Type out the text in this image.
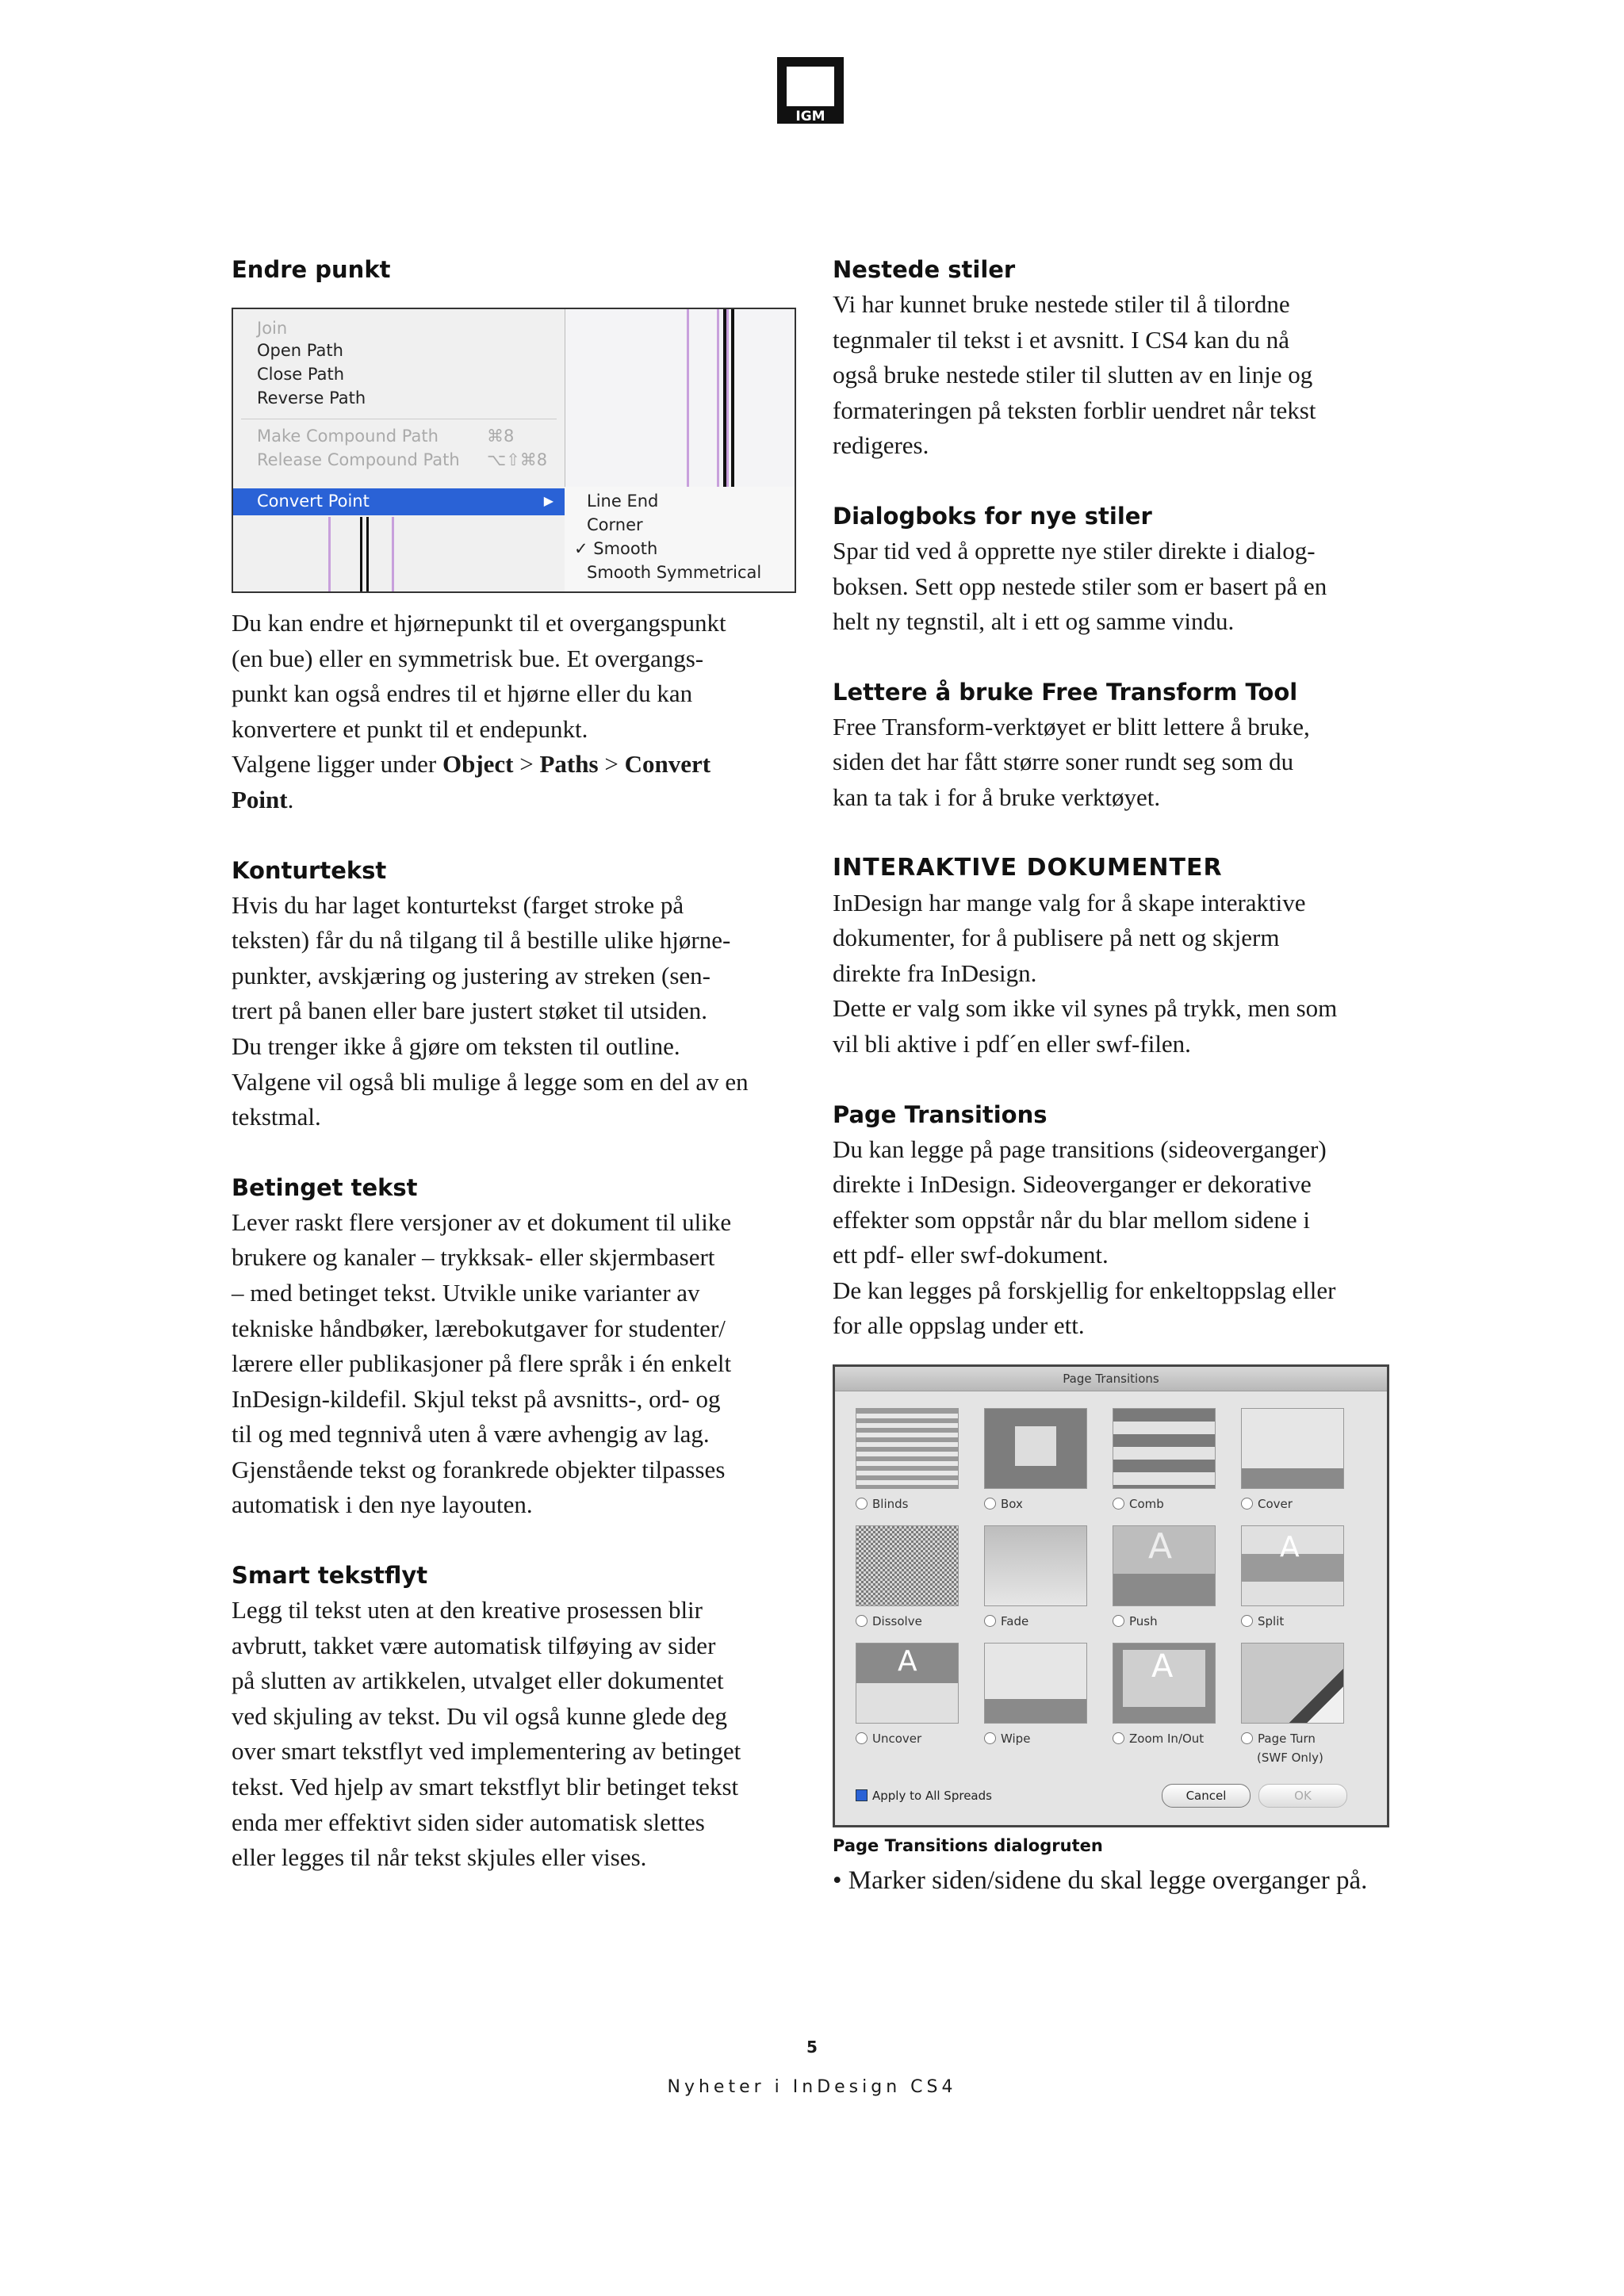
IGM

Endre punkt

Join
Open Path
Close Path
Reverse Path
Make Compound Path	⌘8
Release Compound Path ⌥⇧⌘8
Convert Point	▶ Line End
Corner
✓ Smooth
Smooth Symmetrical

Du kan endre et hjørnepunkt til et overgangspunkt

(en bue) eller en symmetrisk bue. Et overgangs-

punkt kan også endres til et hjørne eller du kan

konvertere et punkt til et endepunkt.

Valgene ligger under Object > Paths > Convert

Point.

Konturtekst

Hvis du har laget konturtekst (farget stroke på

teksten) får du nå tilgang til å bestille ulike hjørne-

punkter, avskjæring og justering av streken (sen-

trert på banen eller bare justert støket til utsiden.

Du trenger ikke å gjøre om teksten til outline.

Valgene vil også bli mulige å legge som en del av en

tekstmal.

Betinget tekst

Lever raskt flere versjoner av et dokument til ulike

brukere og kanaler – trykksak- eller skjermbasert

– med betinget tekst. Utvikle unike varianter av

tekniske håndbøker, lærebokutgaver for studenter/

lærere eller publikasjoner på flere språk i én enkelt

InDesign-kildefil. Skjul tekst på avsnitts-, ord- og

til og med tegnnivå uten å være avhengig av lag.

Gjenstående tekst og forankrede objekter tilpasses

automatisk i den nye layouten.

Smart tekstflyt

Legg til tekst uten at den kreative prosessen blir

avbrutt, takket være automatisk tilføying av sider

på slutten av artikkelen, utvalget eller dokumentet

ved skjuling av tekst. Du vil også kunne glede deg

over smart tekstflyt ved implementering av betinget

tekst. Ved hjelp av smart tekstflyt blir betinget tekst

enda mer effektivt siden sider automatisk slettes

eller legges til når tekst skjules eller vises.

Nestede stiler

Vi har kunnet bruke nestede stiler til å tilordne

tegnmaler til tekst i et avsnitt. I CS4 kan du nå

også bruke nestede stiler til slutten av en linje og

formateringen på teksten forblir uendret når tekst

redigeres.

Dialogboks for nye stiler

Spar tid ved å opprette nye stiler direkte i dialog-

boksen. Sett opp nestede stiler som er basert på en

helt ny tegnstil, alt i ett og samme vindu.

Lettere å bruke Free Transform Tool

Free Transform-verktøyet er blitt lettere å bruke,

siden det har fått større soner rundt seg som du

kan ta tak i for å bruke verktøyet.

INTERAKTIVE DOKUMENTER

InDesign har mange valg for å skape interaktive

dokumenter, for å publisere på nett og skjerm

direkte fra InDesign.

Dette er valg som ikke vil synes på trykk, men som

vil bli aktive i pdf´en eller swf-filen.

Page Transitions

Du kan legge på page transitions (sideoverganger)

direkte i InDesign. Sideoverganger er dekorative

effekter som oppstår når du blar mellom sidene i

ett pdf- eller swf-dokument.

De kan legges på forskjellig for enkeltoppslag eller

for alle oppslag under ett.

Page Transitions
Blinds	Box	Comb	Cover
A	A
Dissolve	Fade	Push	Split
A	A
Uncover	Wipe	Zoom In/Out	Page Turn
(SWF Only)
Apply to All Spreads	Cancel	OK

Page Transitions dialogruten

• Marker siden/sidene du skal legge overganger på.

5
Nyheter i InDesign CS4
